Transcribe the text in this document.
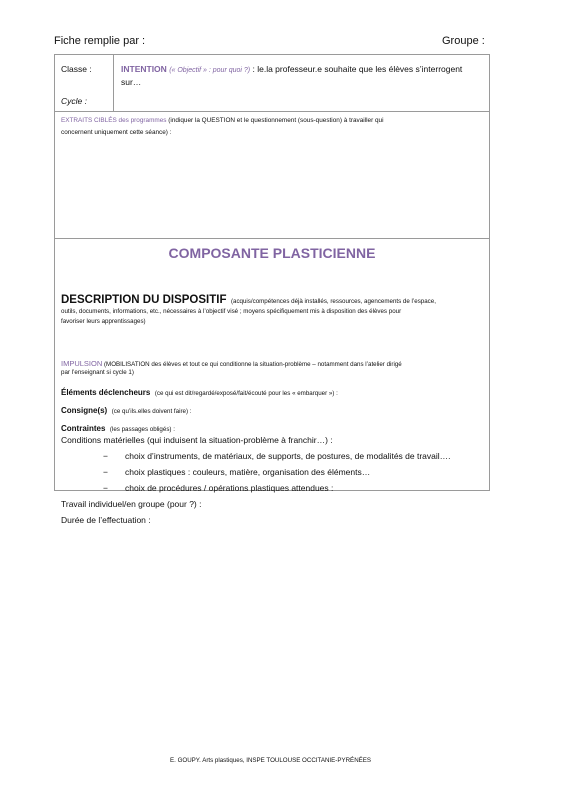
Fiche remplie par :	Groupe :
Classe :
Cycle :
INTENTION (« Objectif » : pour quoi ?) : le.la professeur.e souhaite que les élèves s’interrogent
sur…
EXTRAITS CIBLÉS des programmes (indiquer la QUESTION et le questionnement (sous-question) à travailler qui
concernent uniquement cette séance) :
COMPOSANTE PLASTICIENNE
DESCRIPTION DU DISPOSITIF (acquis/compétences déjà installés, ressources, agencements de l’espace,
outils, documents, informations, etc., nécessaires à l’objectif visé ; moyens spécifiquement mis à disposition des élèves pour
favoriser leurs apprentissages)
IMPULSION (MOBILISATION des élèves et tout ce qui conditionne la situation-problème – notamment dans l’atelier dirigé
par l’enseignant si cycle 1)
Éléments déclencheurs (ce qui est dit/regardé/exposé/fait/écouté pour les « embarquer ») :
Consigne(s) (ce qu’ils.elles doivent faire) :
Contraintes (les passages obligés) :
Conditions matérielles (qui induisent la situation-problème à franchir…) :
− choix d’instruments, de matériaux, de supports, de postures, de modalités de travail….
− choix plastiques : couleurs, matière, organisation des éléments…
− choix de procédures / opérations plastiques attendues :
Travail individuel/en groupe (pour ?) :
Durée de l’effectuation :
E. GOUPY. Arts plastiques, INSPE TOULOUSE OCCITANIE-PYRÉNÉES
